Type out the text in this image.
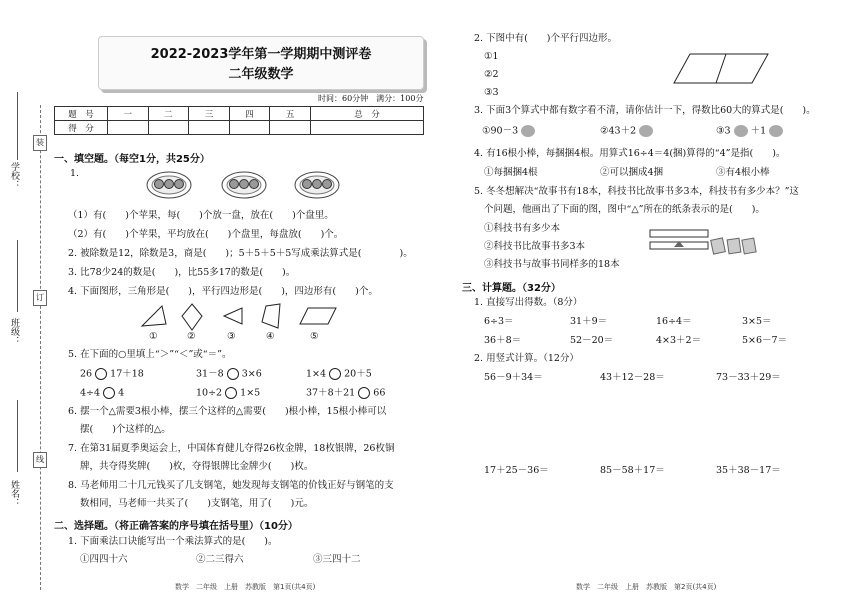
装
订
线
学校：
班级：
姓名：
2022-2023学年第一学期期中测评卷
二年级数学
时间：60分钟　满分：100分
题　号	一	二	三	四	五	总　分
得　分						
一、填空题。（每空1分，共25分）
1.
（1）有(　　)个苹果，每(　　)个放一盘，放在(　　)个盘里。
（2）有(　　)个苹果，平均放在(　　)个盘里，每盘放(　　)个。
2. 被除数是12，除数是3，商是(　　)；5＋5＋5＋5写成乘法算式是(　　　　)。
3. 比78少24的数是(　　)，比55多17的数是(　　)。
4. 下面图形，三角形是(　　)，平行四边形是(　　)，四边形有(　　)个。
①	②	③	④	⑤
5. 在下面的○里填上“＞”“＜”或“＝”。
26 17＋18	31－8 3×6	1×4 20＋5
4÷4 4	10÷2 1×5	37＋8＋21 66
6. 摆一个△需要3根小棒，摆三个这样的△需要(　　)根小棒，15根小棒可以
摆(　　)个这样的△。
7. 在第31届夏季奥运会上，中国体育健儿夺得26枚金牌，18枚银牌，26枚铜
牌，共夺得奖牌(　　)枚，夺得银牌比金牌少(　　)枚。
8. 马老师用二十几元钱买了几支钢笔，她发现每支钢笔的价钱正好与钢笔的支
数相同，马老师一共买了(　　)支钢笔，用了(　　)元。
二、选择题。（将正确答案的序号填在括号里）（10分）
1. 下面乘法口诀能写出一个乘法算式的是(　　)。
①四四十六	②二三得六	③三四十二
数学　二年级　上册　苏教版　第1页(共4页)
2. 下图中有(　　)个平行四边形。
①1
②2
③3
3. 下面3个算式中都有数字看不清，请你估计一下，得数比60大的算式是(　　)。
①90－3	②43＋2	③3 ＋1
4. 有16根小棒，每捆捆4根。用算式16÷4＝4(捆)算得的“4”是指(　　)。
①每捆捆4根	②可以捆成4捆	③有4根小棒
5. 冬冬想解决“故事书有18本，科技书比故事书多3本，科技书有多少本？”这
个问题，他画出了下面的图，图中“△”所在的纸条表示的是(　　)。
①科技书有多少本
②科技书比故事书多3本
③科技书与故事书同样多的18本
三、计算题。（32分）
1. 直接写出得数。（8分）
6÷3＝	31＋9＝	16÷4＝	3×5＝
36＋8＝	52－20＝	4×3＋2＝	5×6－7＝
2. 用竖式计算。（12分）
56－9＋34＝	43＋12－28＝	73－33＋29＝
17＋25－36＝	85－58＋17＝	35＋38－17＝
数学　二年级　上册　苏教版　第2页(共4页)
